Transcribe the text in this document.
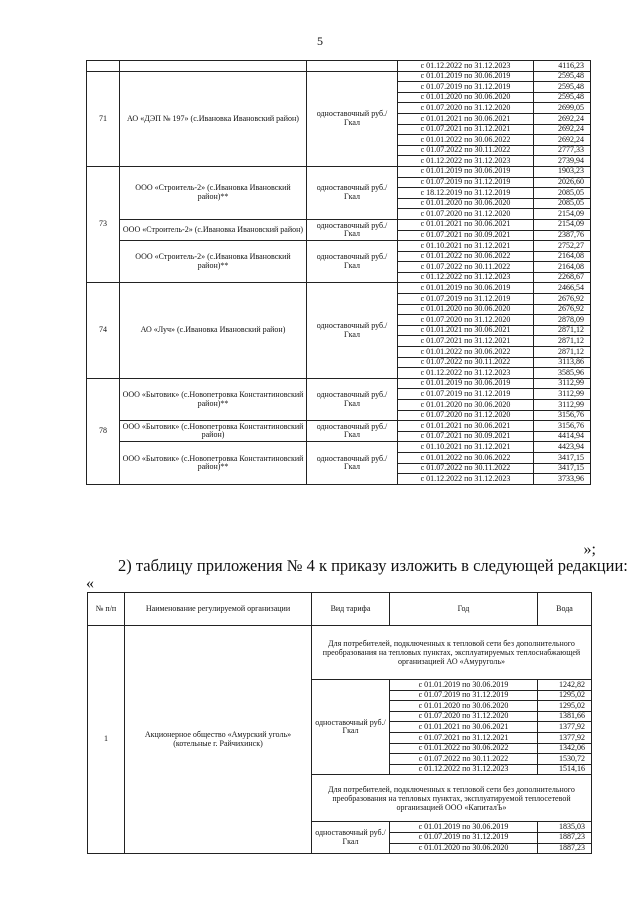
5
			с 01.12.2022 по 31.12.2023	4116,23
71	АО «ДЭП № 197» (с.Ивановка Ивановский район)	одноставочный руб./Гкал	с 01.01.2019 по 30.06.2019	2595,48
			с 01.07.2019 по 31.12.2019	2595,48
			с 01.01.2020 по 30.06.2020	2595,48
			с 01.07.2020 по 31.12.2020	2699,05
			с 01.01.2021 по 30.06.2021	2692,24
			с 01.07.2021 по 31.12.2021	2692,24
			с 01.01.2022 по 30.06.2022	2692,24
			с 01.07.2022 по 30.11.2022	2777,33
			с 01.12.2022 по 31.12.2023	2739,94
73	ООО «Строитель-2» (с.Ивановка Ивановский район)**	одноставочный руб./Гкал	с 01.01.2019 по 30.06.2019	1903,23
			с 01.07.2019 по 31.12.2019	2026,60
			с 18.12.2019 по 31.12.2019	2085,05
			с 01.01.2020 по 30.06.2020	2085,05
			с 01.07.2020 по 31.12.2020	2154,09
	ООО «Строитель-2» (с.Ивановка Ивановский район)	одноставочный руб./Гкал	с 01.01.2021 по 30.06.2021	2154,09
			с 01.07.2021 по 30.09.2021	2387,76
	ООО «Строитель-2» (с.Ивановка Ивановский район)**	одноставочный руб./Гкал	с 01.10.2021 по 31.12.2021	2752,27
			с 01.01.2022 по 30.06.2022	2164,08
			с 01.07.2022 по 30.11.2022	2164,08
			с 01.12.2022 по 31.12.2023	2268,67
74	АО «Луч» (с.Ивановка Ивановский район)	одноставочный руб./Гкал	с 01.01.2019 по 30.06.2019	2466,54
			с 01.07.2019 по 31.12.2019	2676,92
			с 01.01.2020 по 30.06.2020	2676,92
			с 01.07.2020 по 31.12.2020	2878,09
			с 01.01.2021 по 30.06.2021	2871,12
			с 01.07.2021 по 31.12.2021	2871,12
			с 01.01.2022 по 30.06.2022	2871,12
			с 01.07.2022 по 30.11.2022	3113,86
			с 01.12.2022 по 31.12.2023	3585,96
78	ООО «Бытовик» (с.Новопетровка Константиновский район)**	одноставочный руб./Гкал	с 01.01.2019 по 30.06.2019	3112,99
			с 01.07.2019 по 31.12.2019	3112,99
			с 01.01.2020 по 30.06.2020	3112,99
			с 01.07.2020 по 31.12.2020	3156,76
	ООО «Бытовик» (с.Новопетровка Константиновский район)	одноставочный руб./Гкал	с 01.01.2021 по 30.06.2021	3156,76
			с 01.07.2021 по 30.09.2021	4414,94
	ООО «Бытовик» (с.Новопетровка Константиновский район)**	одноставочный руб./Гкал	с 01.10.2021 по 31.12.2021	4423,94
			с 01.01.2022 по 30.06.2022	3417,15
			с 01.07.2022 по 30.11.2022	3417,15
			с 01.12.2022 по 31.12.2023	3733,96
»;
2) таблицу приложения № 4 к приказу изложить в следующей редакции:
«
№ п/п	Наименование регулируемой организации	Вид тарифа	Год	Вода
1	Акционерное общество «Амурский уголь» (котельные г. Райчихинск)	Для потребителей, подключенных к тепловой сети без дополнительного преобразования на тепловых пунктах, эксплуатируемых теплоснабжающей организацией АО «Амуруголь»		
		одноставочный руб./Гкал	с 01.01.2019 по 30.06.2019	1242,82
			с 01.07.2019 по 31.12.2019	1295,02
			с 01.01.2020 по 30.06.2020	1295,02
			с 01.07.2020 по 31.12.2020	1381,66
			с 01.01.2021 по 30.06.2021	1377,92
			с 01.07.2021 по 31.12.2021	1377,92
			с 01.01.2022 по 30.06.2022	1342,06
			с 01.07.2022 по 30.11.2022	1530,72
			с 01.12.2022 по 31.12.2023	1514,16
		Для потребителей, подключенных к тепловой сети без дополнительного преобразования на тепловых пунктах, эксплуатируемой теплосетевой организацией ООО «КапиталЪ»		
		одноставочный руб./Гкал	с 01.01.2019 по 30.06.2019	1835,03
			с 01.07.2019 по 31.12.2019	1887,23
			с 01.01.2020 по 30.06.2020	1887,23
